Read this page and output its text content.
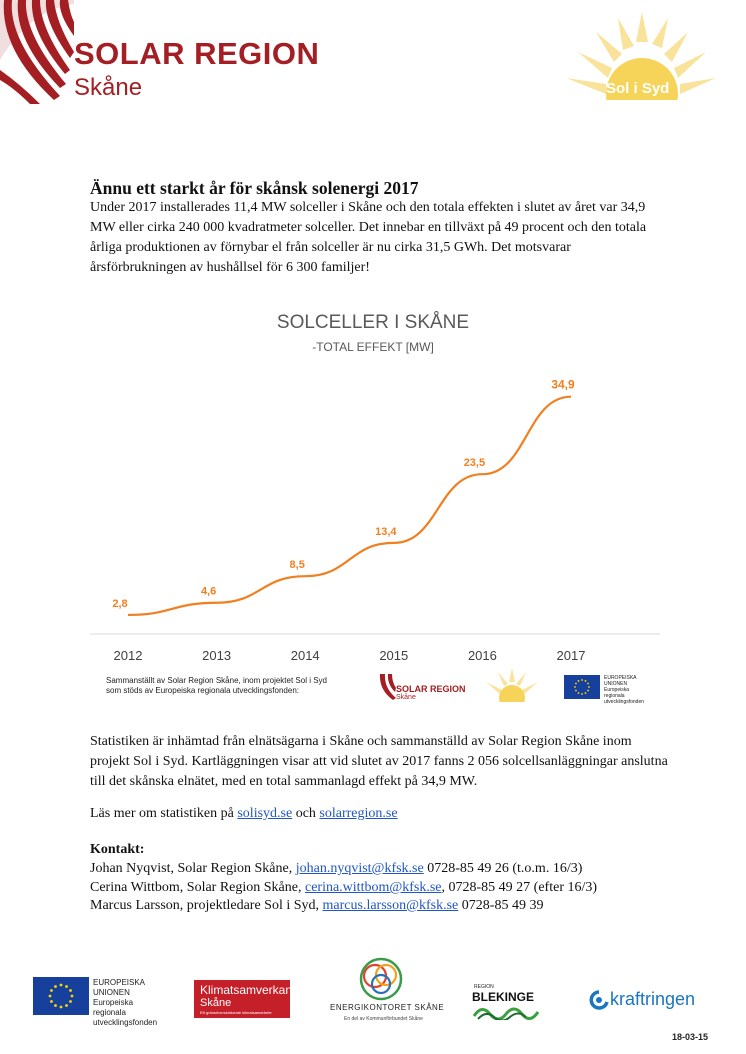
SOLAR REGION
Skåne	Sol i Syd
Ännu ett starkt år för skånsk solenergi 2017
Under 2017 installerades 11,4 MW solceller i Skåne och den totala effekten i slutet av året var 34,9 MW eller cirka 240 000 kvadratmeter solceller. Det innebar en tillväxt på 49 procent och den totala årliga produktionen av förnybar el från solceller är nu cirka 31,5 GWh. Det motsvarar årsförbrukningen av hushållsel för 6 300 familjer!
SOLCELLER I SKÅNE
-TOTAL EFFEKT [MW]
2,8
2012
4,6
2013
8,5
2014
13,4
2015
23,5
2016
34,9
2017
Sammanställt av Solar Region Skåne, inom projektet Sol i Syd
som stöds av Europeiska regionala utvecklingsfonden:	SOLAR REGION
Skåne
EUROPEISKA
UNIONEN
Europeiska
regionala
utvecklingsfonden
Statistiken är inhämtad från elnätsägarna i Skåne och sammanställd av Solar Region Skåne inom projekt Sol i Syd. Kartläggningen visar att vid slutet av 2017 fanns 2 056 solcellsanläggningar anslutna till det skånska elnätet, med en total sammanlagd effekt på 34,9 MW.
Läs mer om statistiken på solisyd.se och solarregion.se
Kontakt:
Johan Nyqvist, Solar Region Skåne, johan.nyqvist@kfsk.se 0728-85 49 26 (t.o.m. 16/3)
Cerina Wittbom, Solar Region Skåne, cerina.wittbom@kfsk.se, 0728-85 49 27 (efter 16/3)
Marcus Larsson, projektledare Sol i Syd, marcus.larsson@kfsk.se 0728-85 49 39
EUROPEISKA
UNIONEN
Europeiska
regionala
utvecklingsfonden
Klimatsamverkan
Skåne
Ett gränsöverskridande klimatsamarbete
ENERGIKONTORET SKÅNE
En del av Kommunförbundet Skåne
REGION
BLEKINGE	kraftringen
18-03-15
